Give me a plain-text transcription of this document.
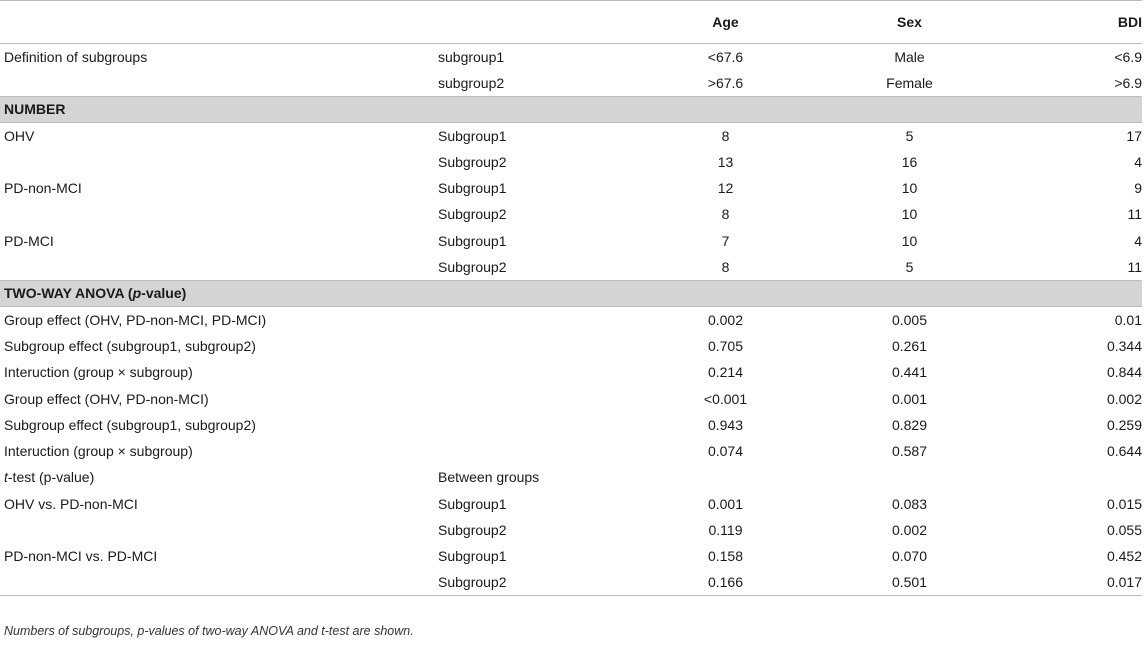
		Age	Sex	BDI
Definition of subgroups	subgroup1	<67.6	Male	<6.9
	subgroup2	>67.6	Female	>6.9
NUMBER				
OHV	Subgroup1	8	5	17
	Subgroup2	13	16	4
PD-non-MCI	Subgroup1	12	10	9
	Subgroup2	8	10	11
PD-MCI	Subgroup1	7	10	4
	Subgroup2	8	5	11
TWO-WAY ANOVA (p-value)				
Group effect (OHV, PD-non-MCI, PD-MCI)		0.002	0.005	0.01
Subgroup effect (subgroup1, subgroup2)		0.705	0.261	0.344
Interuction (group × subgroup)		0.214	0.441	0.844
Group effect (OHV, PD-non-MCI)		<0.001	0.001	0.002
Subgroup effect (subgroup1, subgroup2)		0.943	0.829	0.259
Interuction (group × subgroup)		0.074	0.587	0.644
t-test (p-value)	Between groups			
OHV vs. PD-non-MCI	Subgroup1	0.001	0.083	0.015
	Subgroup2	0.119	0.002	0.055
PD-non-MCI vs. PD-MCI	Subgroup1	0.158	0.070	0.452
	Subgroup2	0.166	0.501	0.017
Numbers of subgroups, p-values of two-way ANOVA and t-test are shown.
